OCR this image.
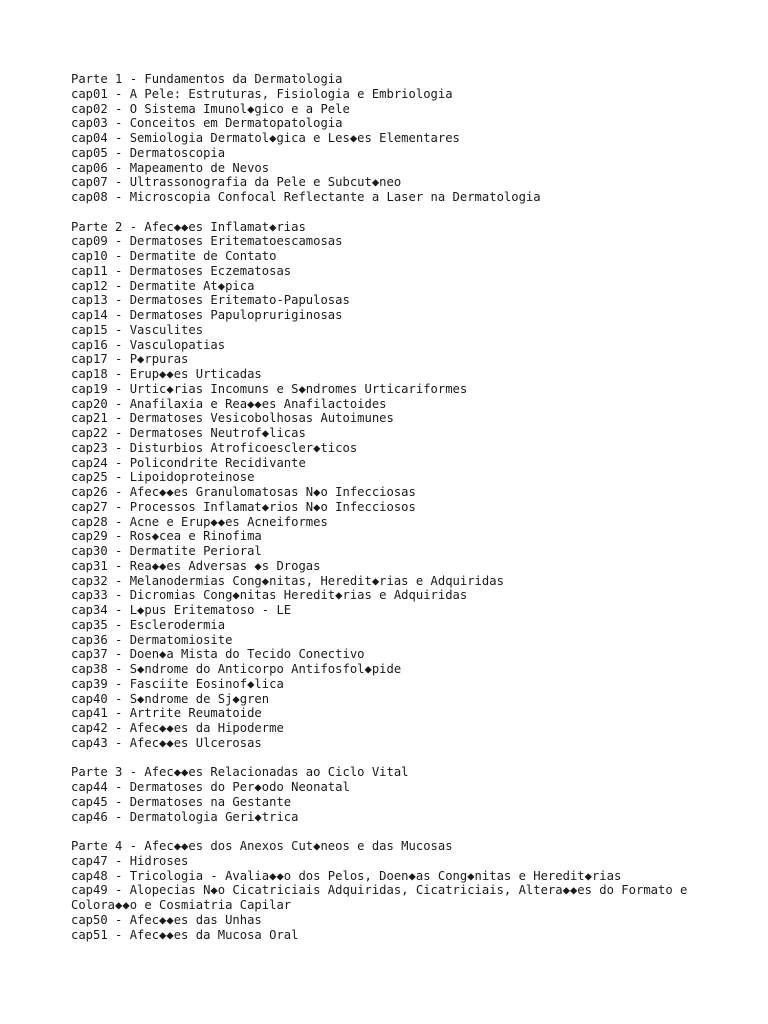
Parte 1 - Fundamentos da Dermatologia
cap01 - A Pele: Estruturas, Fisiologia e Embriologia
cap02 - O Sistema Imunol◆gico e a Pele
cap03 - Conceitos em Dermatopatologia
cap04 - Semiologia Dermatol◆gica e Les◆es Elementares
cap05 - Dermatoscopia
cap06 - Mapeamento de Nevos
cap07 - Ultrassonografia da Pele e Subcut◆neo
cap08 - Microscopia Confocal Reflectante a Laser na Dermatologia
Parte 2 - Afec◆◆es Inflamat◆rias
cap09 - Dermatoses Eritematoescamosas
cap10 - Dermatite de Contato
cap11 - Dermatoses Eczematosas
cap12 - Dermatite At◆pica
cap13 - Dermatoses Eritemato-Papulosas
cap14 - Dermatoses Papulopruriginosas
cap15 - Vasculites
cap16 - Vasculopatias
cap17 - P◆rpuras
cap18 - Erup◆◆es Urticadas
cap19 - Urtic◆rias Incomuns e S◆ndromes Urticariformes
cap20 - Anafilaxia e Rea◆◆es Anafilactoides
cap21 - Dermatoses Vesicobolhosas Autoimunes
cap22 - Dermatoses Neutrof◆licas
cap23 - Disturbios Atroficoescler◆ticos
cap24 - Policondrite Recidivante
cap25 - Lipoidoproteinose
cap26 - Afec◆◆es Granulomatosas N◆o Infecciosas
cap27 - Processos Inflamat◆rios N◆o Infecciosos
cap28 - Acne e Erup◆◆es Acneiformes
cap29 - Ros◆cea e Rinofima
cap30 - Dermatite Perioral
cap31 - Rea◆◆es Adversas ◆s Drogas
cap32 - Melanodermias Cong◆nitas, Heredit◆rias e Adquiridas
cap33 - Dicromias Cong◆nitas Heredit◆rias e Adquiridas
cap34 - L◆pus Eritematoso - LE
cap35 - Esclerodermia
cap36 - Dermatomiosite
cap37 - Doen◆a Mista do Tecido Conectivo
cap38 - S◆ndrome do Anticorpo Antifosfol◆pide
cap39 - Fasciite Eosinof◆lica
cap40 - S◆ndrome de Sj◆gren
cap41 - Artrite Reumatoide
cap42 - Afec◆◆es da Hipoderme
cap43 - Afec◆◆es Ulcerosas
Parte 3 - Afec◆◆es Relacionadas ao Ciclo Vital
cap44 - Dermatoses do Per◆odo Neonatal
cap45 - Dermatoses na Gestante
cap46 - Dermatologia Geri◆trica
Parte 4 - Afec◆◆es dos Anexos Cut◆neos e das Mucosas
cap47 - Hidroses
cap48 - Tricologia - Avalia◆◆o dos Pelos, Doen◆as Cong◆nitas e Heredit◆rias
cap49 - Alopecias N◆o Cicatriciais Adquiridas, Cicatriciais, Altera◆◆es do Formato e Colora◆◆o e Cosmiatria Capilar
cap50 - Afec◆◆es das Unhas
cap51 - Afec◆◆es da Mucosa Oral
